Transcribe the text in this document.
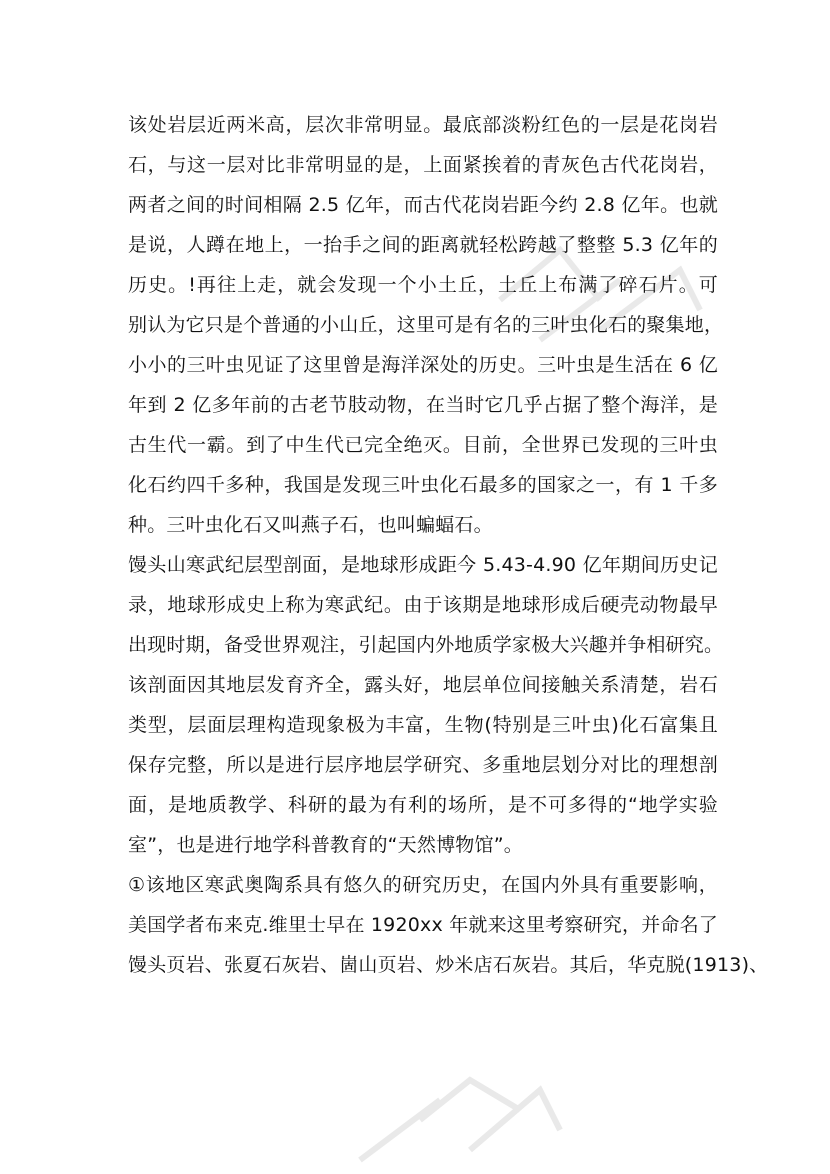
该处岩层近两米高，层次非常明显。最底部淡粉红色的一层是花岗岩
石，与这一层对比非常明显的是，上面紧挨着的青灰色古代花岗岩，
两者之间的时间相隔 2.5 亿年，而古代花岗岩距今约 2.8 亿年。也就
是说，人蹲在地上，一抬手之间的距离就轻松跨越了整整 5.3 亿年的
历史。!再往上走，就会发现一个小土丘，土丘上布满了碎石片。可
别认为它只是个普通的小山丘，这里可是有名的三叶虫化石的聚集地，
小小的三叶虫见证了这里曾是海洋深处的历史。三叶虫是生活在 6 亿
年到 2 亿多年前的古老节肢动物，在当时它几乎占据了整个海洋，是
古生代一霸。到了中生代已完全绝灭。目前，全世界已发现的三叶虫
化石约四千多种，我国是发现三叶虫化石最多的国家之一，有 1 千多
种。三叶虫化石又叫燕子石，也叫蝙蝠石。
馒头山寒武纪层型剖面，是地球形成距今 5.43-4.90 亿年期间历史记
录，地球形成史上称为寒武纪。由于该期是地球形成后硬壳动物最早
出现时期，备受世界观注，引起国内外地质学家极大兴趣并争相研究。
该剖面因其地层发育齐全，露头好，地层单位间接触关系清楚，岩石
类型，层面层理构造现象极为丰富，生物(特别是三叶虫)化石富集且
保存完整，所以是进行层序地层学研究、多重地层划分对比的理想剖
面，是地质教学、科研的最为有利的场所，是不可多得的“地学实验
室”，也是进行地学科普教育的“天然博物馆”。
①该地区寒武奥陶系具有悠久的研究历史，在国内外具有重要影响，
美国学者布来克.维里士早在 1920xx 年就来这里考察研究，并命名了
馒头页岩、张夏石灰岩、崮山页岩、炒米店石灰岩。其后，华克脱(1913)、
